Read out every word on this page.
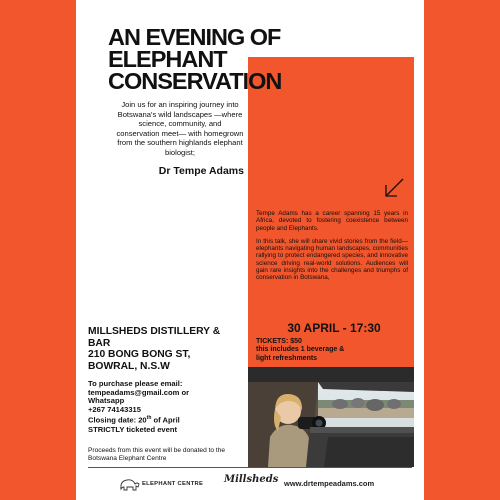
AN EVENING OF
ELEPHANT
CONSERVATION
Join us for an inspiring journey into Botswana's wild landscapes —where science, community, and conservation meet— with homegrown from the southern highlands elephant biologist;
Dr Tempe Adams

Tempe Adams has a career spanning 15 years in Africa, devoted to fostering coexistence between people and Elephants.

In this talk, she will share vivid stories from the field—elephants navigating human landscapes, communities rallying to protect endangered species, and innovative science driving real-world solutions. Audiences will gain rare insights into the challenges and triumphs of conservation in Botswana,

30 APRIL - 17:30
TICKETS: $50
this includes 1 beverage &
light refreshments
MILLSHEDS DISTILLERY &
BAR
210 BONG BONG ST,
BOWRAL, N.S.W
To purchase please email:
tempeadams@gmail.com or
Whatsapp
+267 74143315
Closing date: 20th of April
STRICTLY ticketed event
Proceeds from this event will be donated to the Botswana Elephant Centre
ELEPHANT CENTRE Millsheds www.drtempeadams.com
